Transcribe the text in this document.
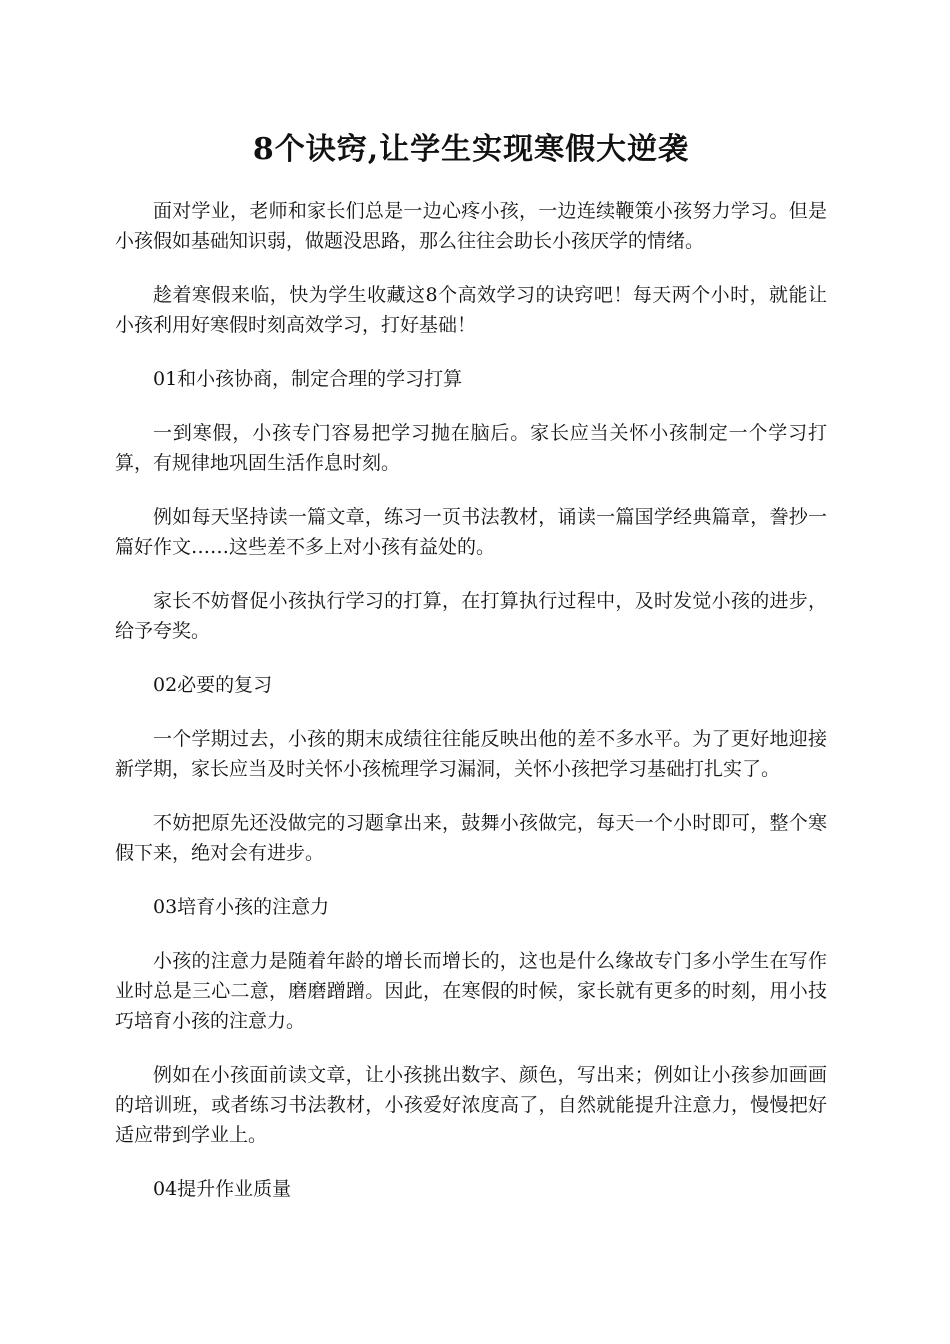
8个诀窍,让学生实现寒假大逆袭

面对学业，老师和家长们总是一边心疼小孩，一边连续鞭策小孩努力学习。但是小孩假如基础知识弱，做题没思路，那么往往会助长小孩厌学的情绪。

趁着寒假来临，快为学生收藏这8个高效学习的诀窍吧！每天两个小时，就能让小孩利用好寒假时刻高效学习，打好基础！

01和小孩协商，制定合理的学习打算

一到寒假，小孩专门容易把学习抛在脑后。家长应当关怀小孩制定一个学习打算，有规律地巩固生活作息时刻。

例如每天坚持读一篇文章，练习一页书法教材，诵读一篇国学经典篇章，誊抄一篇好作文……这些差不多上对小孩有益处的。

家长不妨督促小孩执行学习的打算，在打算执行过程中，及时发觉小孩的进步，给予夸奖。

02必要的复习

一个学期过去，小孩的期末成绩往往能反映出他的差不多水平。为了更好地迎接新学期，家长应当及时关怀小孩梳理学习漏洞，关怀小孩把学习基础打扎实了。

不妨把原先还没做完的习题拿出来，鼓舞小孩做完，每天一个小时即可，整个寒假下来，绝对会有进步。

03培育小孩的注意力

小孩的注意力是随着年龄的增长而增长的，这也是什么缘故专门多小学生在写作业时总是三心二意，磨磨蹭蹭。因此，在寒假的时候，家长就有更多的时刻，用小技巧培育小孩的注意力。

例如在小孩面前读文章，让小孩挑出数字、颜色，写出来；例如让小孩参加画画的培训班，或者练习书法教材，小孩爱好浓度高了，自然就能提升注意力，慢慢把好适应带到学业上。

04提升作业质量
